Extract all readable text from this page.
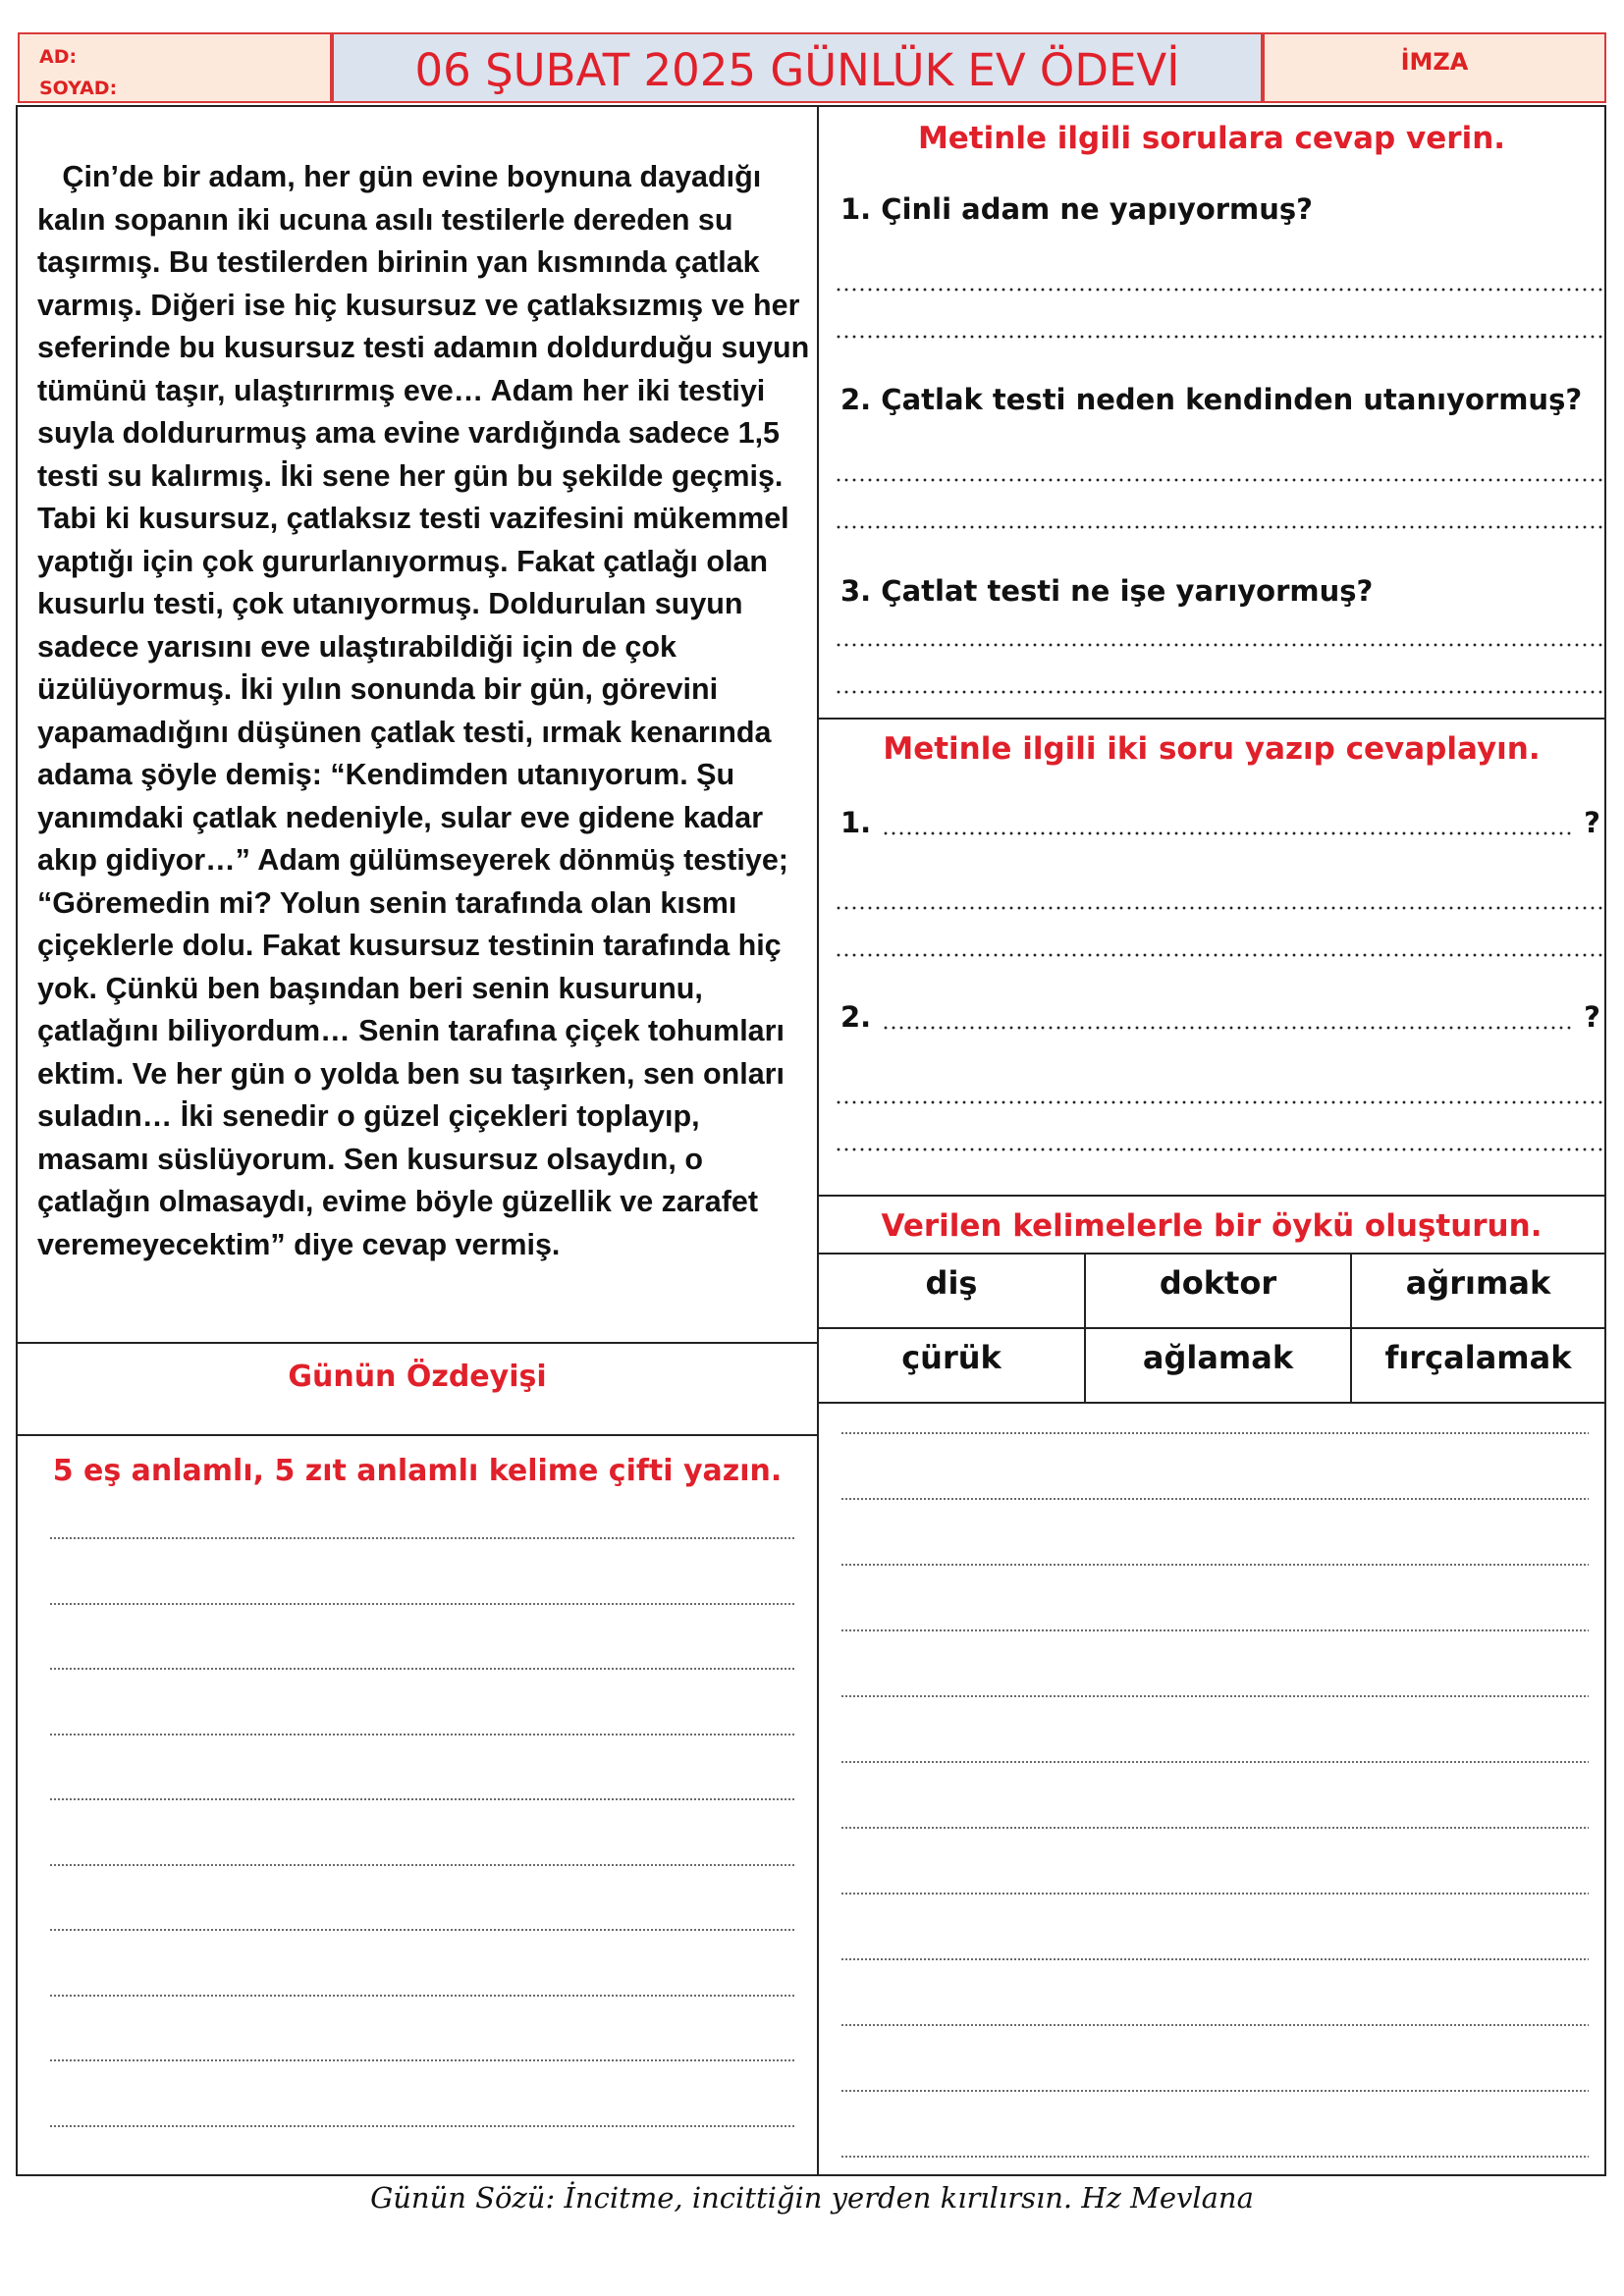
AD:
SOYAD:	06 ŞUBAT 2025 GÜNLÜK EV ÖDEVİ	İMZA
Çin’de bir adam, her gün evine boynuna dayadığı
kalın sopanın iki ucuna asılı testilerle dereden su
taşırmış. Bu testilerden birinin yan kısmında çatlak
varmış. Diğeri ise hiç kusursuz ve çatlaksızmış ve her
seferinde bu kusursuz testi adamın doldurduğu suyun
tümünü taşır, ulaştırırmış eve… Adam her iki testiyi
suyla doldururmuş ama evine vardığında sadece 1,5
testi su kalırmış. İki sene her gün bu şekilde geçmiş.
Tabi ki kusursuz, çatlaksız testi vazifesini mükemmel
yaptığı için çok gururlanıyormuş. Fakat çatlağı olan
kusurlu testi, çok utanıyormuş. Doldurulan suyun
sadece yarısını eve ulaştırabildiği için de çok
üzülüyormuş. İki yılın sonunda bir gün, görevini
yapamadığını düşünen çatlak testi, ırmak kenarında
adama şöyle demiş: “Kendimden utanıyorum. Şu
yanımdaki çatlak nedeniyle, sular eve gidene kadar
akıp gidiyor…” Adam gülümseyerek dönmüş testiye;
“Göremedin mi? Yolun senin tarafında olan kısmı
çiçeklerle dolu. Fakat kusursuz testinin tarafında hiç
yok. Çünkü ben başından beri senin kusurunu,
çatlağını biliyordum… Senin tarafına çiçek tohumları
ektim. Ve her gün o yolda ben su taşırken, sen onları
suladın… İki senedir o güzel çiçekleri toplayıp,
masamı süslüyorum. Sen kusursuz olsaydın, o
çatlağın olmasaydı, evime böyle güzellik ve zarafet
veremeyecektim” diye cevap vermiş.
Günün Özdeyişi
5 eş anlamlı, 5 zıt anlamlı kelime çifti yazın.
Metinle ilgili sorulara cevap verin.
1. Çinli adam ne yapıyormuş?
2. Çatlak testi neden kendinden utanıyormuş?
3. Çatlat testi ne işe yarıyormuş?
Metinle ilgili iki soru yazıp cevaplayın.
1.	?
2.	?
Verilen kelimelerle bir öykü oluşturun.
diş	doktor	ağrımak
çürük	ağlamak	fırçalamak
Günün Sözü: İncitme, incittiğin yerden kırılırsın. Hz Mevlana
